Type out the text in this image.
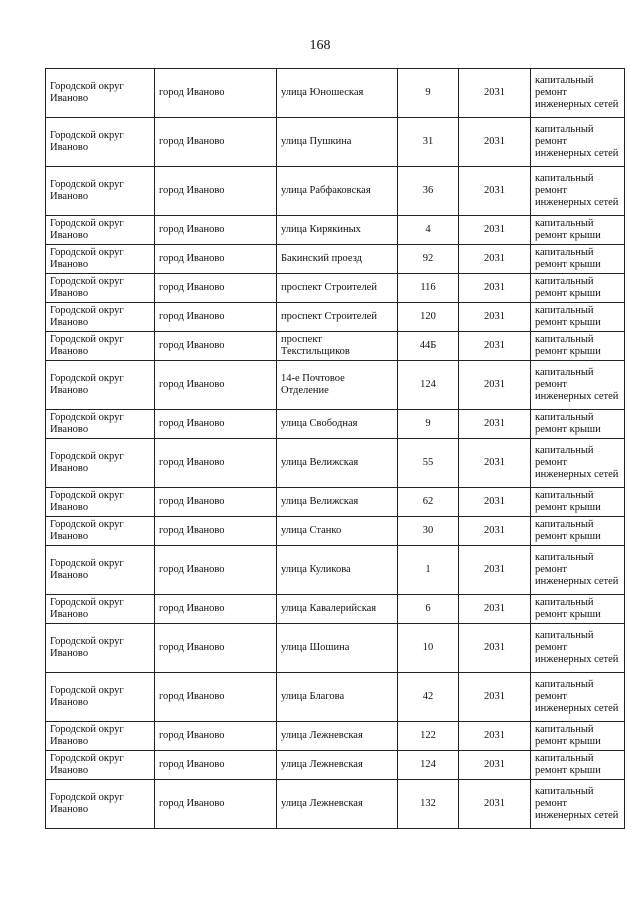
168
Городской округ Иваново	город Иваново	улица Юношеская	9	2031	капитальный ремонт инженерных сетей
Городской округ Иваново	город Иваново	улица Пушкина	31	2031	капитальный ремонт инженерных сетей
Городской округ Иваново	город Иваново	улица Рабфаковская	36	2031	капитальный ремонт инженерных сетей
Городской округ Иваново	город Иваново	улица Кирякиных	4	2031	капитальный ремонт крыши
Городской округ Иваново	город Иваново	Бакинский проезд	92	2031	капитальный ремонт крыши
Городской округ Иваново	город Иваново	проспект Строителей	116	2031	капитальный ремонт крыши
Городской округ Иваново	город Иваново	проспект Строителей	120	2031	капитальный ремонт крыши
Городской округ Иваново	город Иваново	проспект Текстильщиков	44Б	2031	капитальный ремонт крыши
Городской округ Иваново	город Иваново	14-е Почтовое Отделение	124	2031	капитальный ремонт инженерных сетей
Городской округ Иваново	город Иваново	улица Свободная	9	2031	капитальный ремонт крыши
Городской округ Иваново	город Иваново	улица Велижская	55	2031	капитальный ремонт инженерных сетей
Городской округ Иваново	город Иваново	улица Велижская	62	2031	капитальный ремонт крыши
Городской округ Иваново	город Иваново	улица Станко	30	2031	капитальный ремонт крыши
Городской округ Иваново	город Иваново	улица Куликова	1	2031	капитальный ремонт инженерных сетей
Городской округ Иваново	город Иваново	улица Кавалерийская	6	2031	капитальный ремонт крыши
Городской округ Иваново	город Иваново	улица Шошина	10	2031	капитальный ремонт инженерных сетей
Городской округ Иваново	город Иваново	улица Благова	42	2031	капитальный ремонт инженерных сетей
Городской округ Иваново	город Иваново	улица Лежневская	122	2031	капитальный ремонт крыши
Городской округ Иваново	город Иваново	улица Лежневская	124	2031	капитальный ремонт крыши
Городской округ Иваново	город Иваново	улица Лежневская	132	2031	капитальный ремонт инженерных сетей
